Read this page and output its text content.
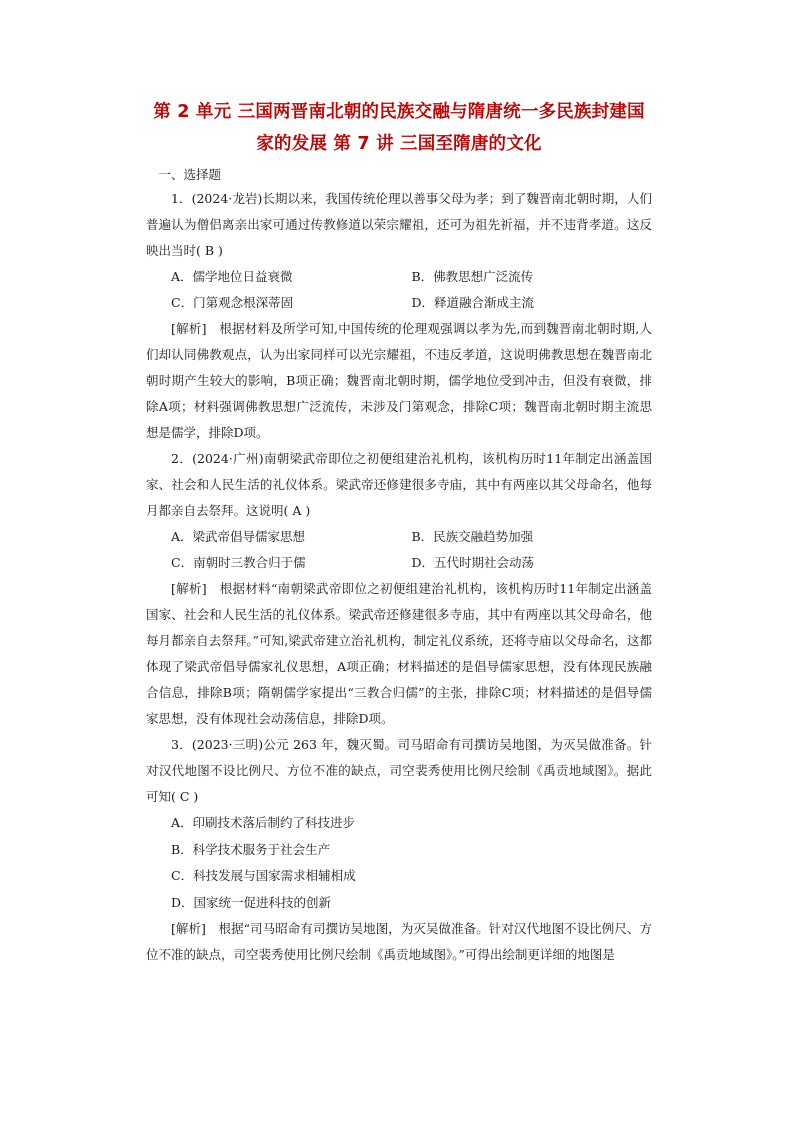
第 2 单元 三国两晋南北朝的民族交融与隋唐统一多民族封建国
家的发展 第 7 讲 三国至隋唐的文化

一、选择题

1．(2024·龙岩)长期以来，我国传统伦理以善事父母为孝；到了魏晋南北朝时期，人们普遍认为僧侣离亲出家可通过传教修道以荣宗耀祖，还可为祖先祈福，并不违背孝道。这反映出当时( B )

A．儒学地位日益衰微	B．佛教思想广泛流传
C．门第观念根深蒂固	D．释道融合渐成主流

[解析]　根据材料及所学可知,中国传统的伦理观强调以孝为先,而到魏晋南北朝时期,人们却认同佛教观点，认为出家同样可以光宗耀祖，不违反孝道，这说明佛教思想在魏晋南北朝时期产生较大的影响，B项正确；魏晋南北朝时期，儒学地位受到冲击，但没有衰微，排除A项；材料强调佛教思想广泛流传，未涉及门第观念，排除C项；魏晋南北朝时期主流思想是儒学，排除D项。

2．(2024·广州)南朝梁武帝即位之初便组建治礼机构，该机构历时11年制定出涵盖国家、社会和人民生活的礼仪体系。梁武帝还修建很多寺庙，其中有两座以其父母命名，他每月都亲自去祭拜。这说明( A )

A．梁武帝倡导儒家思想	B．民族交融趋势加强
C．南朝时三教合归于儒	D．五代时期社会动荡

[解析]　根据材料“南朝梁武帝即位之初便组建治礼机构，该机构历时11年制定出涵盖国家、社会和人民生活的礼仪体系。梁武帝还修建很多寺庙，其中有两座以其父母命名，他每月都亲自去祭拜。”可知,梁武帝建立治礼机构，制定礼仪系统，还将寺庙以父母命名，这都体现了梁武帝倡导儒家礼仪思想，A项正确；材料描述的是倡导儒家思想，没有体现民族融合信息，排除B项；隋朝儒学家提出“三教合归儒”的主张，排除C项；材料描述的是倡导儒家思想，没有体现社会动荡信息，排除D项。

3．(2023·三明)公元 263 年，魏灭蜀。司马昭命有司撰访吴地图，为灭吴做准备。针对汉代地图不设比例尺、方位不准的缺点，司空裴秀使用比例尺绘制《禹贡地域图》。据此可知( C )

A．印刷技术落后制约了科技进步
B．科学技术服务于社会生产
C．科技发展与国家需求相辅相成
D．国家统一促进科技的创新

[解析]　根据“司马昭命有司撰访吴地图，为灭吴做准备。针对汉代地图不设比例尺、方位不准的缺点，司空裴秀使用比例尺绘制《禹贡地域图》。”可得出绘制更详细的地图是
